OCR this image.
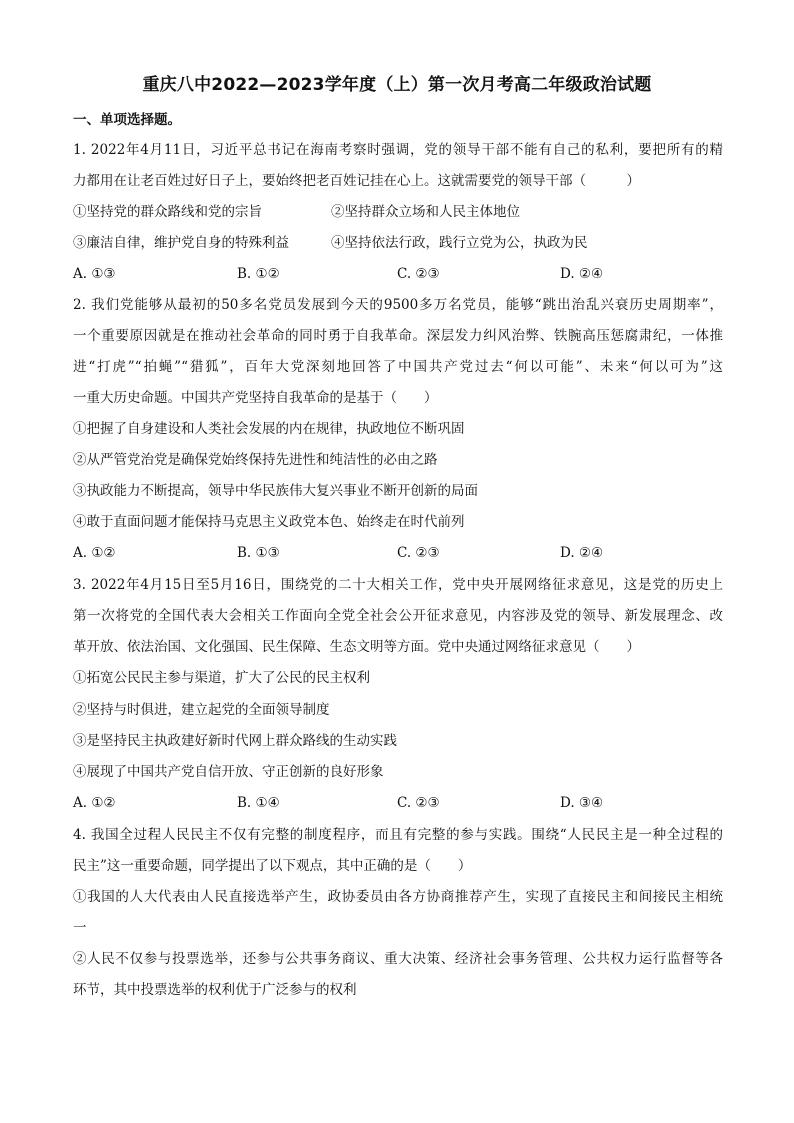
重庆八中2022—2023学年度（上）第一次月考高二年级政治试题
一、单项选择题。
1. 2022年4月11日，习近平总书记在海南考察时强调，党的领导干部不能有自己的私利，要把所有的精
力都用在让老百姓过好日子上，要始终把老百姓记挂在心上。这就需要党的领导干部（　　　）
①坚持党的群众路线和党的宗旨	②坚持群众立场和人民主体地位
③廉洁自律，维护党自身的特殊利益	④坚持依法行政，践行立党为公，执政为民
A. ①③	B. ①②	C. ②③	D. ②④
2. 我们党能够从最初的50多名党员发展到今天的9500多万名党员，能够“跳出治乱兴衰历史周期率”，
一个重要原因就是在推动社会革命的同时勇于自我革命。深层发力纠风治弊、铁腕高压惩腐肃纪，一体推
进“打虎”“拍蝇”“猎狐”，百年大党深刻地回答了中国共产党过去“何以可能”、未来“何以可为”这
一重大历史命题。中国共产党坚持自我革命的是基于（　　）
①把握了自身建设和人类社会发展的内在规律，执政地位不断巩固
②从严管党治党是确保党始终保持先进性和纯洁性的必由之路
③执政能力不断提高，领导中华民族伟大复兴事业不断开创新的局面
④敢于直面问题才能保持马克思主义政党本色、始终走在时代前列
A. ①②	B. ①③	C. ②③	D. ②④
3. 2022年4月15日至5月16日，围绕党的二十大相关工作，党中央开展网络征求意见，这是党的历史上
第一次将党的全国代表大会相关工作面向全党全社会公开征求意见，内容涉及党的领导、新发展理念、改
革开放、依法治国、文化强国、民生保障、生态文明等方面。党中央通过网络征求意见（　　）
①拓宽公民民主参与渠道，扩大了公民的民主权利
②坚持与时俱进，建立起党的全面领导制度
③是坚持民主执政建好新时代网上群众路线的生动实践
④展现了中国共产党自信开放、守正创新的良好形象
A. ①②	B. ①④	C. ②③	D. ③④
4. 我国全过程人民民主不仅有完整的制度程序，而且有完整的参与实践。围绕“人民民主是一种全过程的
民主”这一重要命题，同学提出了以下观点，其中正确的是（　　）
①我国的人大代表由人民直接选举产生，政协委员由各方协商推荐产生，实现了直接民主和间接民主相统
一
②人民不仅参与投票选举，还参与公共事务商议、重大决策、经济社会事务管理、公共权力运行监督等各
环节，其中投票选举的权利优于广泛参与的权利
